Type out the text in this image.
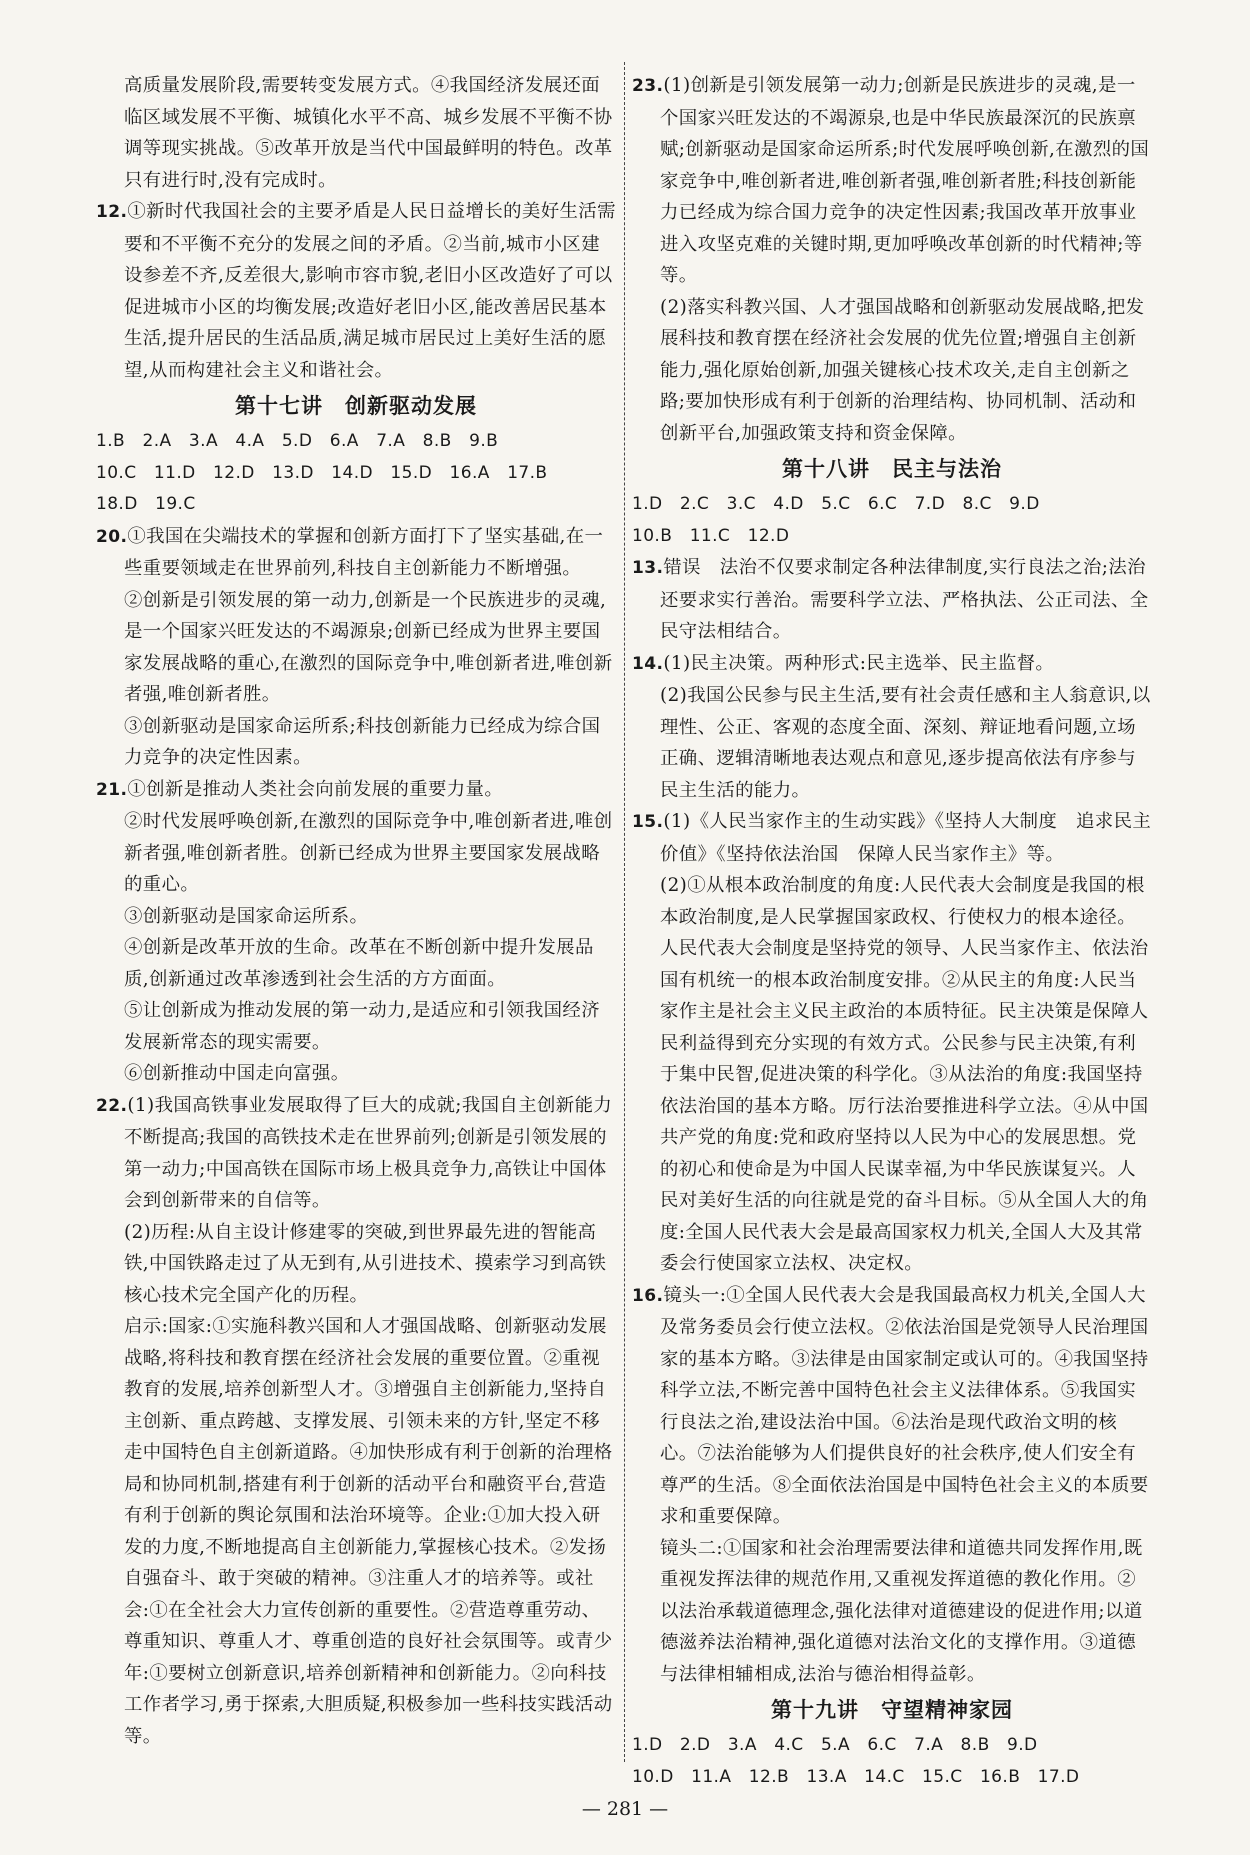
高质量发展阶段,需要转变发展方式。④我国经济发展还面临区域发展不平衡、城镇化水平不高、城乡发展不平衡不协调等现实挑战。⑤改革开放是当代中国最鲜明的特色。改革只有进行时,没有完成时。
12.①新时代我国社会的主要矛盾是人民日益增长的美好生活需要和不平衡不充分的发展之间的矛盾。②当前,城市小区建设参差不齐,反差很大,影响市容市貌,老旧小区改造好了可以促进城市小区的均衡发展;改造好老旧小区,能改善居民基本生活,提升居民的生活品质,满足城市居民过上美好生活的愿望,从而构建社会主义和谐社会。
第十七讲　创新驱动发展
1.B　2.A　3.A　4.A　5.D　6.A　7.A　8.B　9.B
10.C　11.D　12.D　13.D　14.D　15.D　16.A　17.B
18.D　19.C
20.①我国在尖端技术的掌握和创新方面打下了坚实基础,在一些重要领域走在世界前列,科技自主创新能力不断增强。
②创新是引领发展的第一动力,创新是一个民族进步的灵魂,是一个国家兴旺发达的不竭源泉;创新已经成为世界主要国家发展战略的重心,在激烈的国际竞争中,唯创新者进,唯创新者强,唯创新者胜。
③创新驱动是国家命运所系;科技创新能力已经成为综合国力竞争的决定性因素。
21.①创新是推动人类社会向前发展的重要力量。
②时代发展呼唤创新,在激烈的国际竞争中,唯创新者进,唯创新者强,唯创新者胜。创新已经成为世界主要国家发展战略的重心。
③创新驱动是国家命运所系。
④创新是改革开放的生命。改革在不断创新中提升发展品质,创新通过改革渗透到社会生活的方方面面。
⑤让创新成为推动发展的第一动力,是适应和引领我国经济发展新常态的现实需要。
⑥创新推动中国走向富强。
22.(1)我国高铁事业发展取得了巨大的成就;我国自主创新能力不断提高;我国的高铁技术走在世界前列;创新是引领发展的第一动力;中国高铁在国际市场上极具竞争力,高铁让中国体会到创新带来的自信等。
(2)历程:从自主设计修建零的突破,到世界最先进的智能高铁,中国铁路走过了从无到有,从引进技术、摸索学习到高铁核心技术完全国产化的历程。
启示:国家:①实施科教兴国和人才强国战略、创新驱动发展战略,将科技和教育摆在经济社会发展的重要位置。②重视教育的发展,培养创新型人才。③增强自主创新能力,坚持自主创新、重点跨越、支撑发展、引领未来的方针,坚定不移走中国特色自主创新道路。④加快形成有利于创新的治理格局和协同机制,搭建有利于创新的活动平台和融资平台,营造有利于创新的舆论氛围和法治环境等。企业:①加大投入研发的力度,不断地提高自主创新能力,掌握核心技术。②发扬自强奋斗、敢于突破的精神。③注重人才的培养等。或社会:①在全社会大力宣传创新的重要性。②营造尊重劳动、尊重知识、尊重人才、尊重创造的良好社会氛围等。或青少年:①要树立创新意识,培养创新精神和创新能力。②向科技工作者学习,勇于探索,大胆质疑,积极参加一些科技实践活动等。
23.(1)创新是引领发展第一动力;创新是民族进步的灵魂,是一个国家兴旺发达的不竭源泉,也是中华民族最深沉的民族禀赋;创新驱动是国家命运所系;时代发展呼唤创新,在激烈的国家竞争中,唯创新者进,唯创新者强,唯创新者胜;科技创新能力已经成为综合国力竞争的决定性因素;我国改革开放事业进入攻坚克难的关键时期,更加呼唤改革创新的时代精神;等等。
(2)落实科教兴国、人才强国战略和创新驱动发展战略,把发展科技和教育摆在经济社会发展的优先位置;增强自主创新能力,强化原始创新,加强关键核心技术攻关,走自主创新之路;要加快形成有利于创新的治理结构、协同机制、活动和创新平台,加强政策支持和资金保障。
第十八讲　民主与法治
1.D　2.C　3.C　4.D　5.C　6.C　7.D　8.C　9.D
10.B　11.C　12.D
13.错误　法治不仅要求制定各种法律制度,实行良法之治;法治还要求实行善治。需要科学立法、严格执法、公正司法、全民守法相结合。
14.(1)民主决策。两种形式:民主选举、民主监督。
(2)我国公民参与民主生活,要有社会责任感和主人翁意识,以理性、公正、客观的态度全面、深刻、辩证地看问题,立场正确、逻辑清晰地表达观点和意见,逐步提高依法有序参与民主生活的能力。
15.(1)《人民当家作主的生动实践》《坚持人大制度　追求民主价值》《坚持依法治国　保障人民当家作主》等。
(2)①从根本政治制度的角度:人民代表大会制度是我国的根本政治制度,是人民掌握国家政权、行使权力的根本途径。人民代表大会制度是坚持党的领导、人民当家作主、依法治国有机统一的根本政治制度安排。②从民主的角度:人民当家作主是社会主义民主政治的本质特征。民主决策是保障人民利益得到充分实现的有效方式。公民参与民主决策,有利于集中民智,促进决策的科学化。③从法治的角度:我国坚持依法治国的基本方略。厉行法治要推进科学立法。④从中国共产党的角度:党和政府坚持以人民为中心的发展思想。党的初心和使命是为中国人民谋幸福,为中华民族谋复兴。人民对美好生活的向往就是党的奋斗目标。⑤从全国人大的角度:全国人民代表大会是最高国家权力机关,全国人大及其常委会行使国家立法权、决定权。
16.镜头一:①全国人民代表大会是我国最高权力机关,全国人大及常务委员会行使立法权。②依法治国是党领导人民治理国家的基本方略。③法律是由国家制定或认可的。④我国坚持科学立法,不断完善中国特色社会主义法律体系。⑤我国实行良法之治,建设法治中国。⑥法治是现代政治文明的核心。⑦法治能够为人们提供良好的社会秩序,使人们安全有尊严的生活。⑧全面依法治国是中国特色社会主义的本质要求和重要保障。
镜头二:①国家和社会治理需要法律和道德共同发挥作用,既重视发挥法律的规范作用,又重视发挥道德的教化作用。②以法治承载道德理念,强化法律对道德建设的促进作用;以道德滋养法治精神,强化道德对法治文化的支撑作用。③道德与法律相辅相成,法治与德治相得益彰。
第十九讲　守望精神家园
1.D　2.D　3.A　4.C　5.A　6.C　7.A　8.B　9.D
10.D　11.A　12.B　13.A　14.C　15.C　16.B　17.D
— 281 —
